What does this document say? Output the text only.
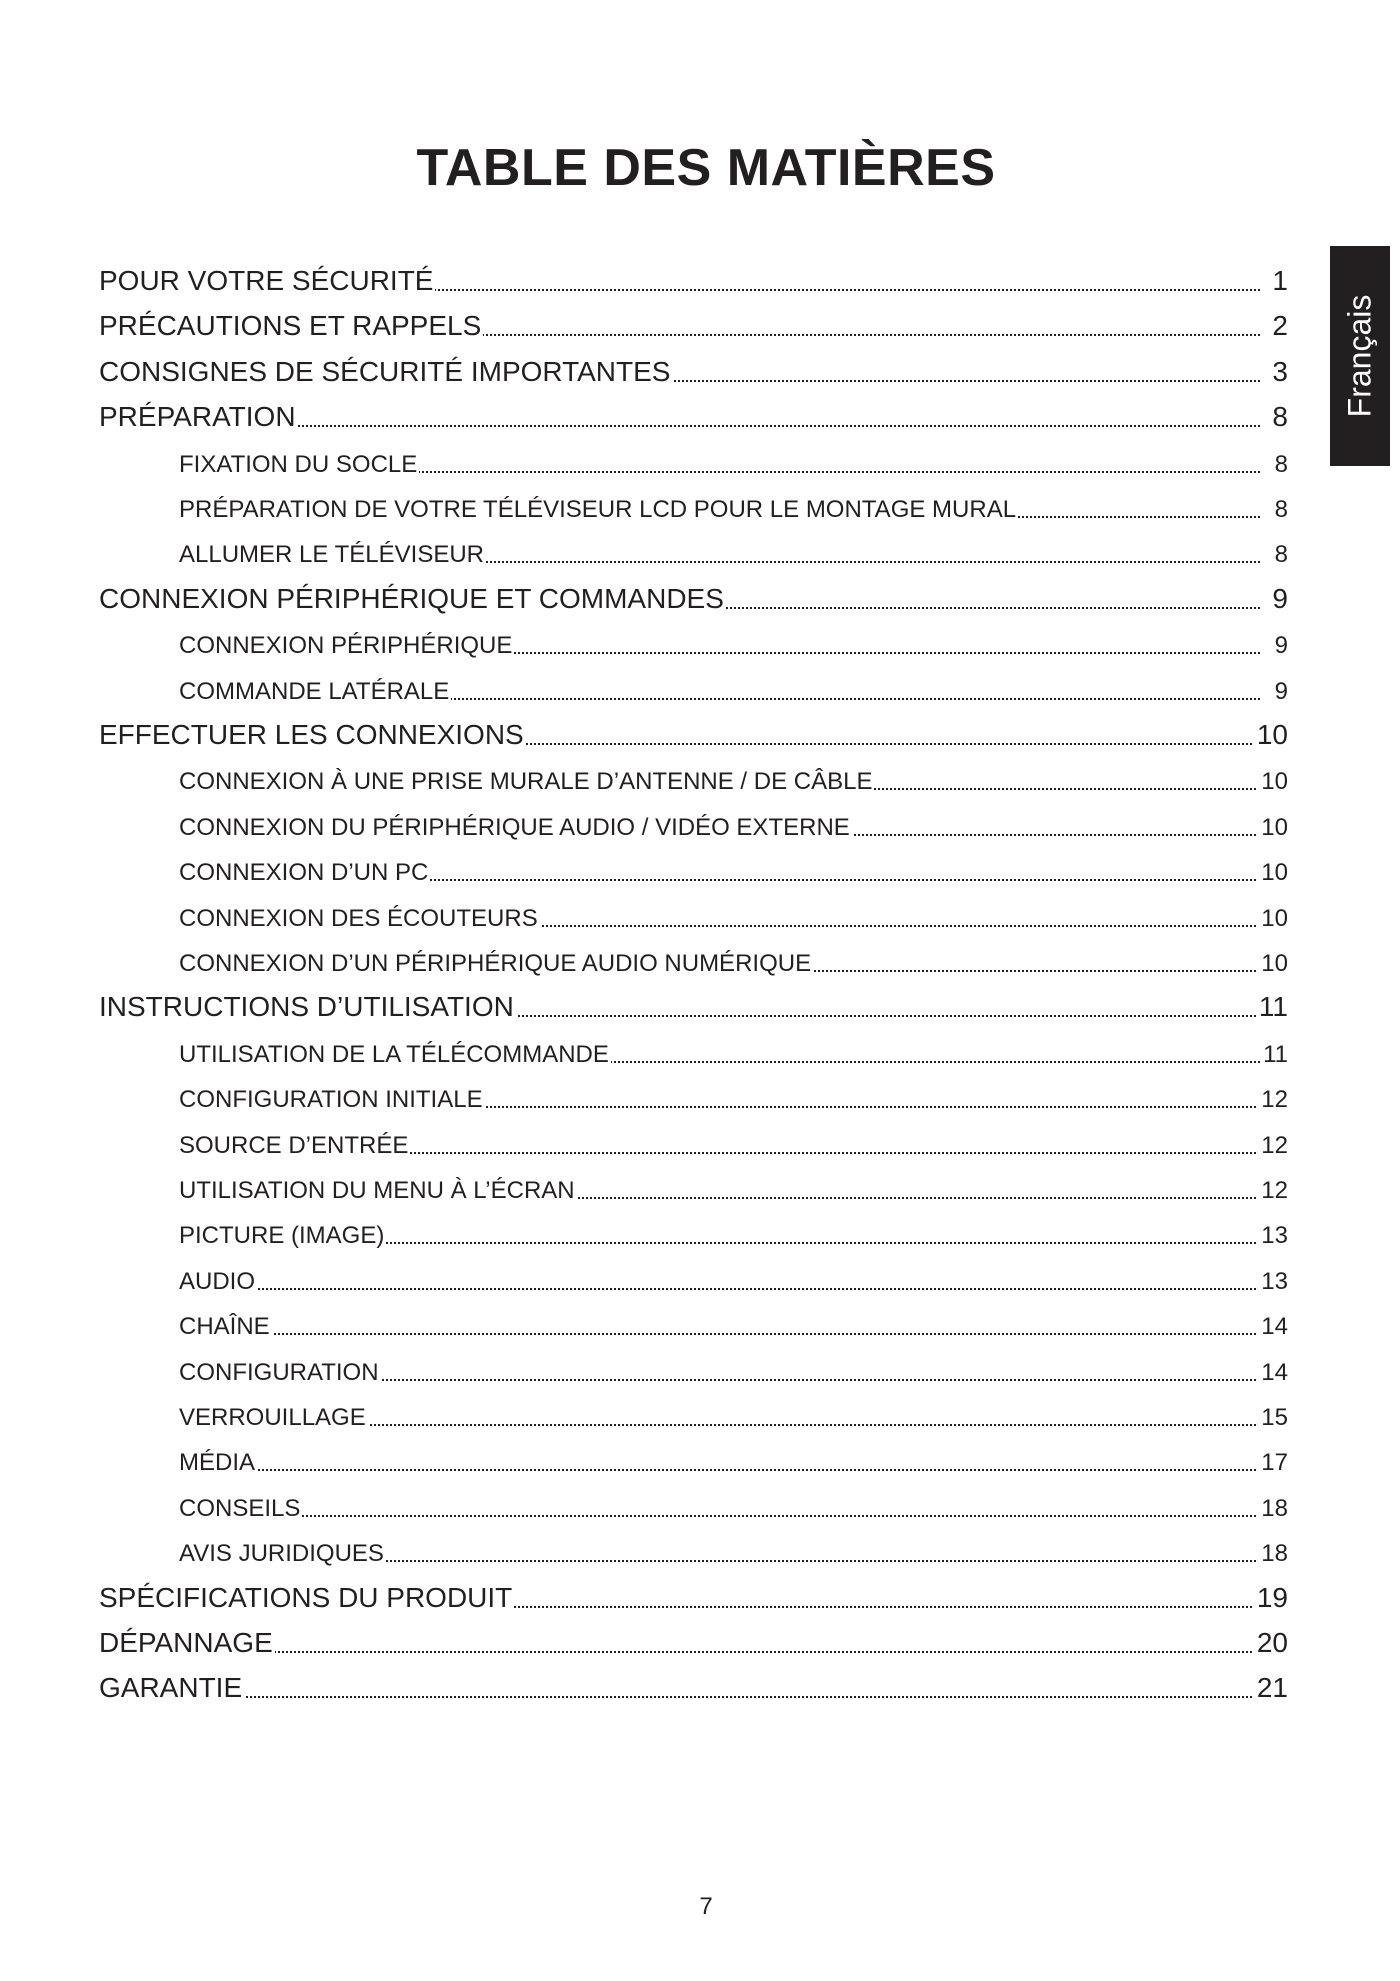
TABLE DES MATIÈRES
Français
POUR VOTRE SÉCURITÉ	1
PRÉCAUTIONS ET RAPPELS	2
CONSIGNES DE SÉCURITÉ IMPORTANTES	3
PRÉPARATION	8
FIXATION DU SOCLE	8
PRÉPARATION DE VOTRE TÉLÉVISEUR LCD POUR LE MONTAGE MURAL	8
ALLUMER LE TÉLÉVISEUR	8
CONNEXION PÉRIPHÉRIQUE ET COMMANDES	9
CONNEXION PÉRIPHÉRIQUE	9
COMMANDE LATÉRALE	9
EFFECTUER LES CONNEXIONS	10
CONNEXION À UNE PRISE MURALE D’ANTENNE / DE CÂBLE	10
CONNEXION DU PÉRIPHÉRIQUE AUDIO / VIDÉO EXTERNE	10
CONNEXION D’UN PC	10
CONNEXION DES ÉCOUTEURS	10
CONNEXION D’UN PÉRIPHÉRIQUE AUDIO NUMÉRIQUE	10
INSTRUCTIONS D’UTILISATION	11
UTILISATION DE LA TÉLÉCOMMANDE	11
CONFIGURATION INITIALE	12
SOURCE D’ENTRÉE	12
UTILISATION DU MENU À L’ÉCRAN	12
PICTURE (IMAGE)	13
AUDIO	13
CHAÎNE	14
CONFIGURATION	14
VERROUILLAGE	15
MÉDIA	17
CONSEILS	18
AVIS JURIDIQUES	18
SPÉCIFICATIONS DU PRODUIT	19
DÉPANNAGE	20
GARANTIE	21
7
